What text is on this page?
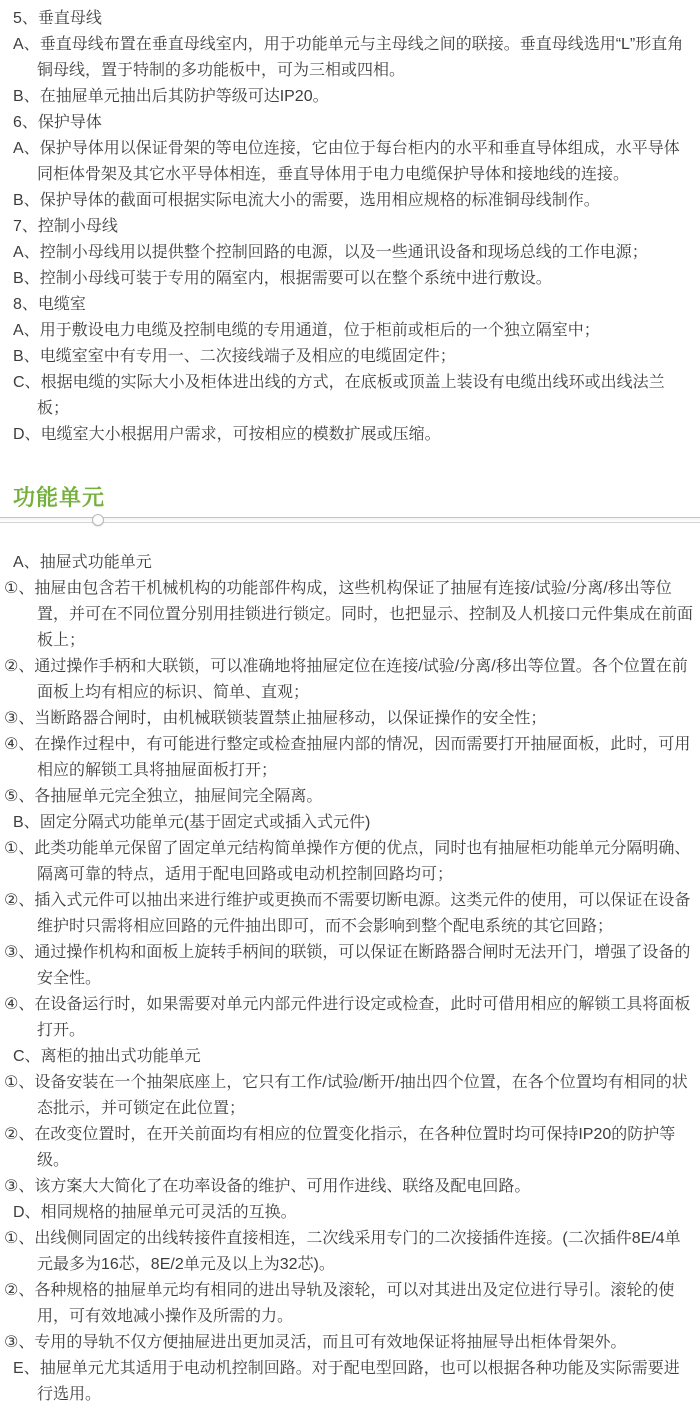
5、垂直母线

A、垂直母线布置在垂直母线室内，用于功能单元与主母线之间的联接。垂直母线选用“L”形直角铜母线，置于特制的多功能板中，可为三相或四相。

B、在抽屉单元抽出后其防护等级可达IP20。

6、保护导体

A、保护导体用以保证骨架的等电位连接，它由位于每台柜内的水平和垂直导体组成，水平导体同柜体骨架及其它水平导体相连，垂直导体用于电力电缆保护导体和接地线的连接。

B、保护导体的截面可根据实际电流大小的需要，选用相应规格的标准铜母线制作。

7、控制小母线

A、控制小母线用以提供整个控制回路的电源，以及一些通讯设备和现场总线的工作电源；

B、控制小母线可装于专用的隔室内，根据需要可以在整个系统中进行敷设。

8、电缆室

A、用于敷设电力电缆及控制电缆的专用通道，位于柜前或柜后的一个独立隔室中；

B、电缆室室中有专用一、二次接线端子及相应的电缆固定件；

C、根据电缆的实际大小及柜体进出线的方式，在底板或顶盖上装设有电缆出线环或出线法兰板；

D、电缆室大小根据用户需求，可按相应的模数扩展或压缩。

功能单元

A、抽屉式功能单元

①、抽屉由包含若干机械机构的功能部件构成，这些机构保证了抽屉有连接/试验/分离/移出等位置，并可在不同位置分别用挂锁进行锁定。同时，也把显示、控制及人机接口元件集成在前面板上；

②、通过操作手柄和大联锁，可以准确地将抽屉定位在连接/试验/分离/移出等位置。各个位置在前面板上均有相应的标识、简单、直观；

③、当断路器合闸时，由机械联锁装置禁止抽屉移动，以保证操作的安全性；

④、在操作过程中，有可能进行整定或检查抽屉内部的情况，因而需要打开抽屉面板，此时，可用相应的解锁工具将抽屉面板打开；

⑤、各抽屉单元完全独立，抽屉间完全隔离。

B、固定分隔式功能单元(基于固定式或插入式元件)

①、此类功能单元保留了固定单元结构简单操作方便的优点，同时也有抽屉柜功能单元分隔明确、隔离可靠的特点，适用于配电回路或电动机控制回路均可；

②、插入式元件可以抽出来进行维护或更换而不需要切断电源。这类元件的使用，可以保证在设备维护时只需将相应回路的元件抽出即可，而不会影响到整个配电系统的其它回路；

③、通过操作机构和面板上旋转手柄间的联锁，可以保证在断路器合闸时无法开门，增强了设备的安全性。

④、在设备运行时，如果需要对单元内部元件进行设定或检查，此时可借用相应的解锁工具将面板打开。

C、离柜的抽出式功能单元

①、设备安装在一个抽架底座上，它只有工作/试验/断开/抽出四个位置，在各个位置均有相同的状态批示，并可锁定在此位置；

②、在改变位置时，在开关前面均有相应的位置变化指示，在各种位置时均可保持IP20的防护等级。

③、该方案大大简化了在功率设备的维护、可用作进线、联络及配电回路。

D、相同规格的抽屉单元可灵活的互换。

①、出线侧同固定的出线转接件直接相连，二次线采用专门的二次接插件连接。(二次插件8E/4单元最多为16芯，8E/2单元及以上为32芯)。

②、各种规格的抽屉单元均有相同的进出导轨及滚轮，可以对其进出及定位进行导引。滚轮的使用，可有效地减小操作及所需的力。

③、专用的导轨不仅方便抽屉进出更加灵活，而且可有效地保证将抽屉导出柜体骨架外。

E、抽屉单元尤其适用于电动机控制回路。对于配电型回路，也可以根据各种功能及实际需要进行选用。
